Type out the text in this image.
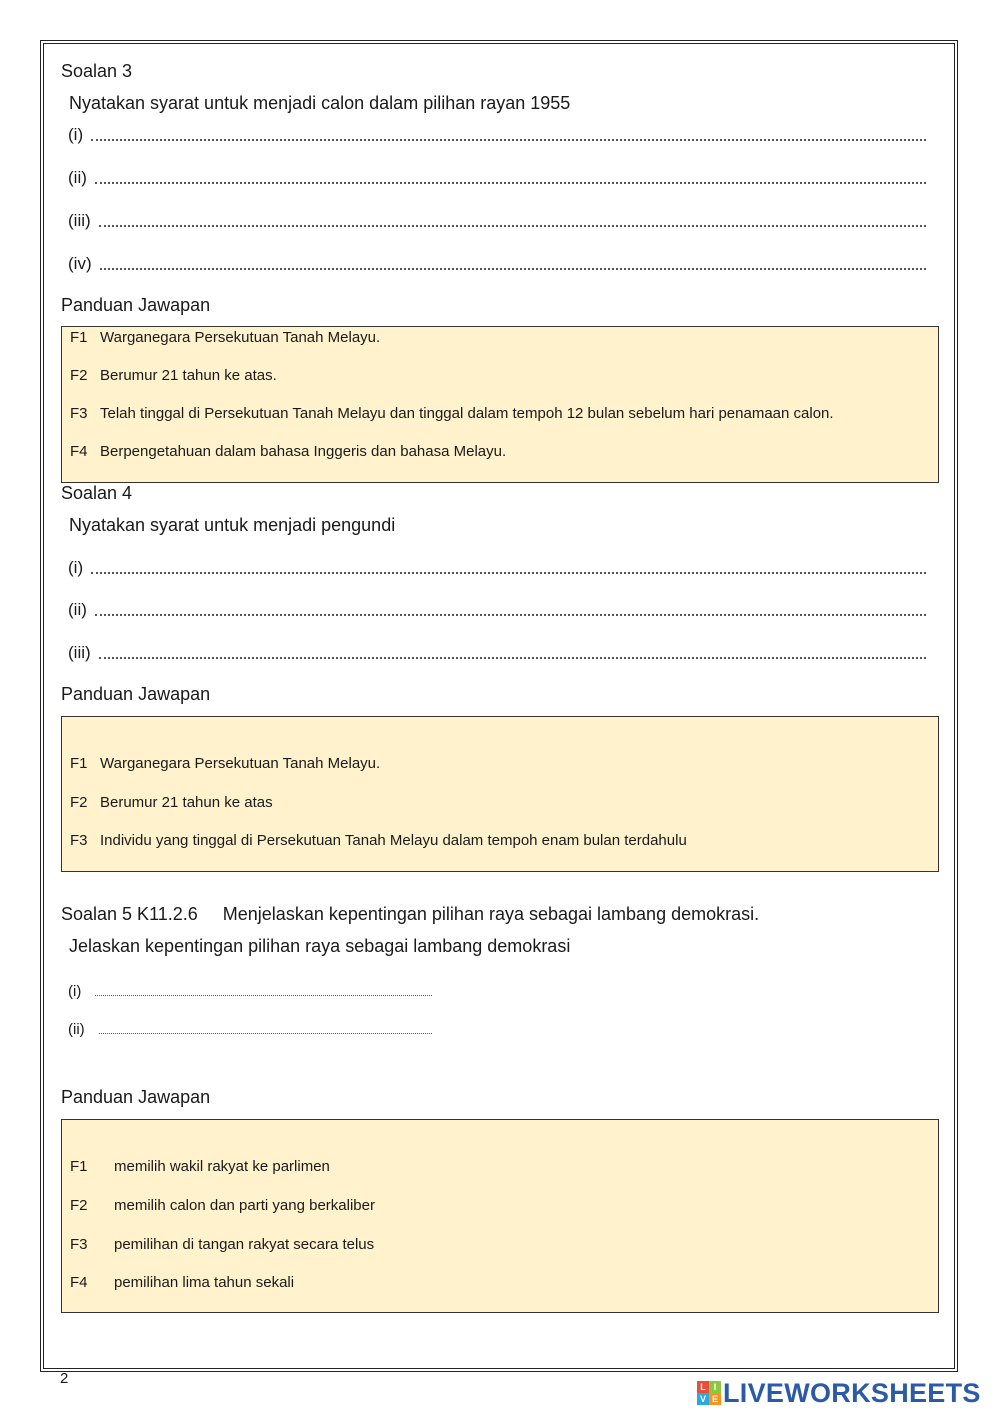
Soalan 3
Nyatakan syarat untuk menjadi calon dalam pilihan rayan 1955
(i)
(ii)
(iii)
(iv)
Panduan Jawapan
F1 Warganegara Persekutuan Tanah Melayu.
F2 Berumur 21 tahun ke atas.
F3 Telah tinggal di Persekutuan Tanah Melayu dan tinggal dalam tempoh 12 bulan sebelum hari penamaan calon.
F4 Berpengetahuan dalam bahasa Inggeris dan bahasa Melayu.
Soalan 4
Nyatakan syarat untuk menjadi pengundi
(i)
(ii)
(iii)
Panduan Jawapan
F1 Warganegara Persekutuan Tanah Melayu.
F2 Berumur 21 tahun ke atas
F3 Individu yang tinggal di Persekutuan Tanah Melayu dalam tempoh enam bulan terdahulu
Soalan 5 K11.2.6     Menjelaskan kepentingan pilihan raya sebagai lambang demokrasi.
Jelaskan kepentingan pilihan raya sebagai lambang demokrasi
(i)
(ii)
Panduan Jawapan
F1 memilih wakil rakyat ke parlimen
F2 memilih calon dan parti yang berkaliber
F3 pemilihan di tangan rakyat secara telus
F4 pemilihan lima tahun sekali
2	L I
V E LIVEWORKSHEETS
